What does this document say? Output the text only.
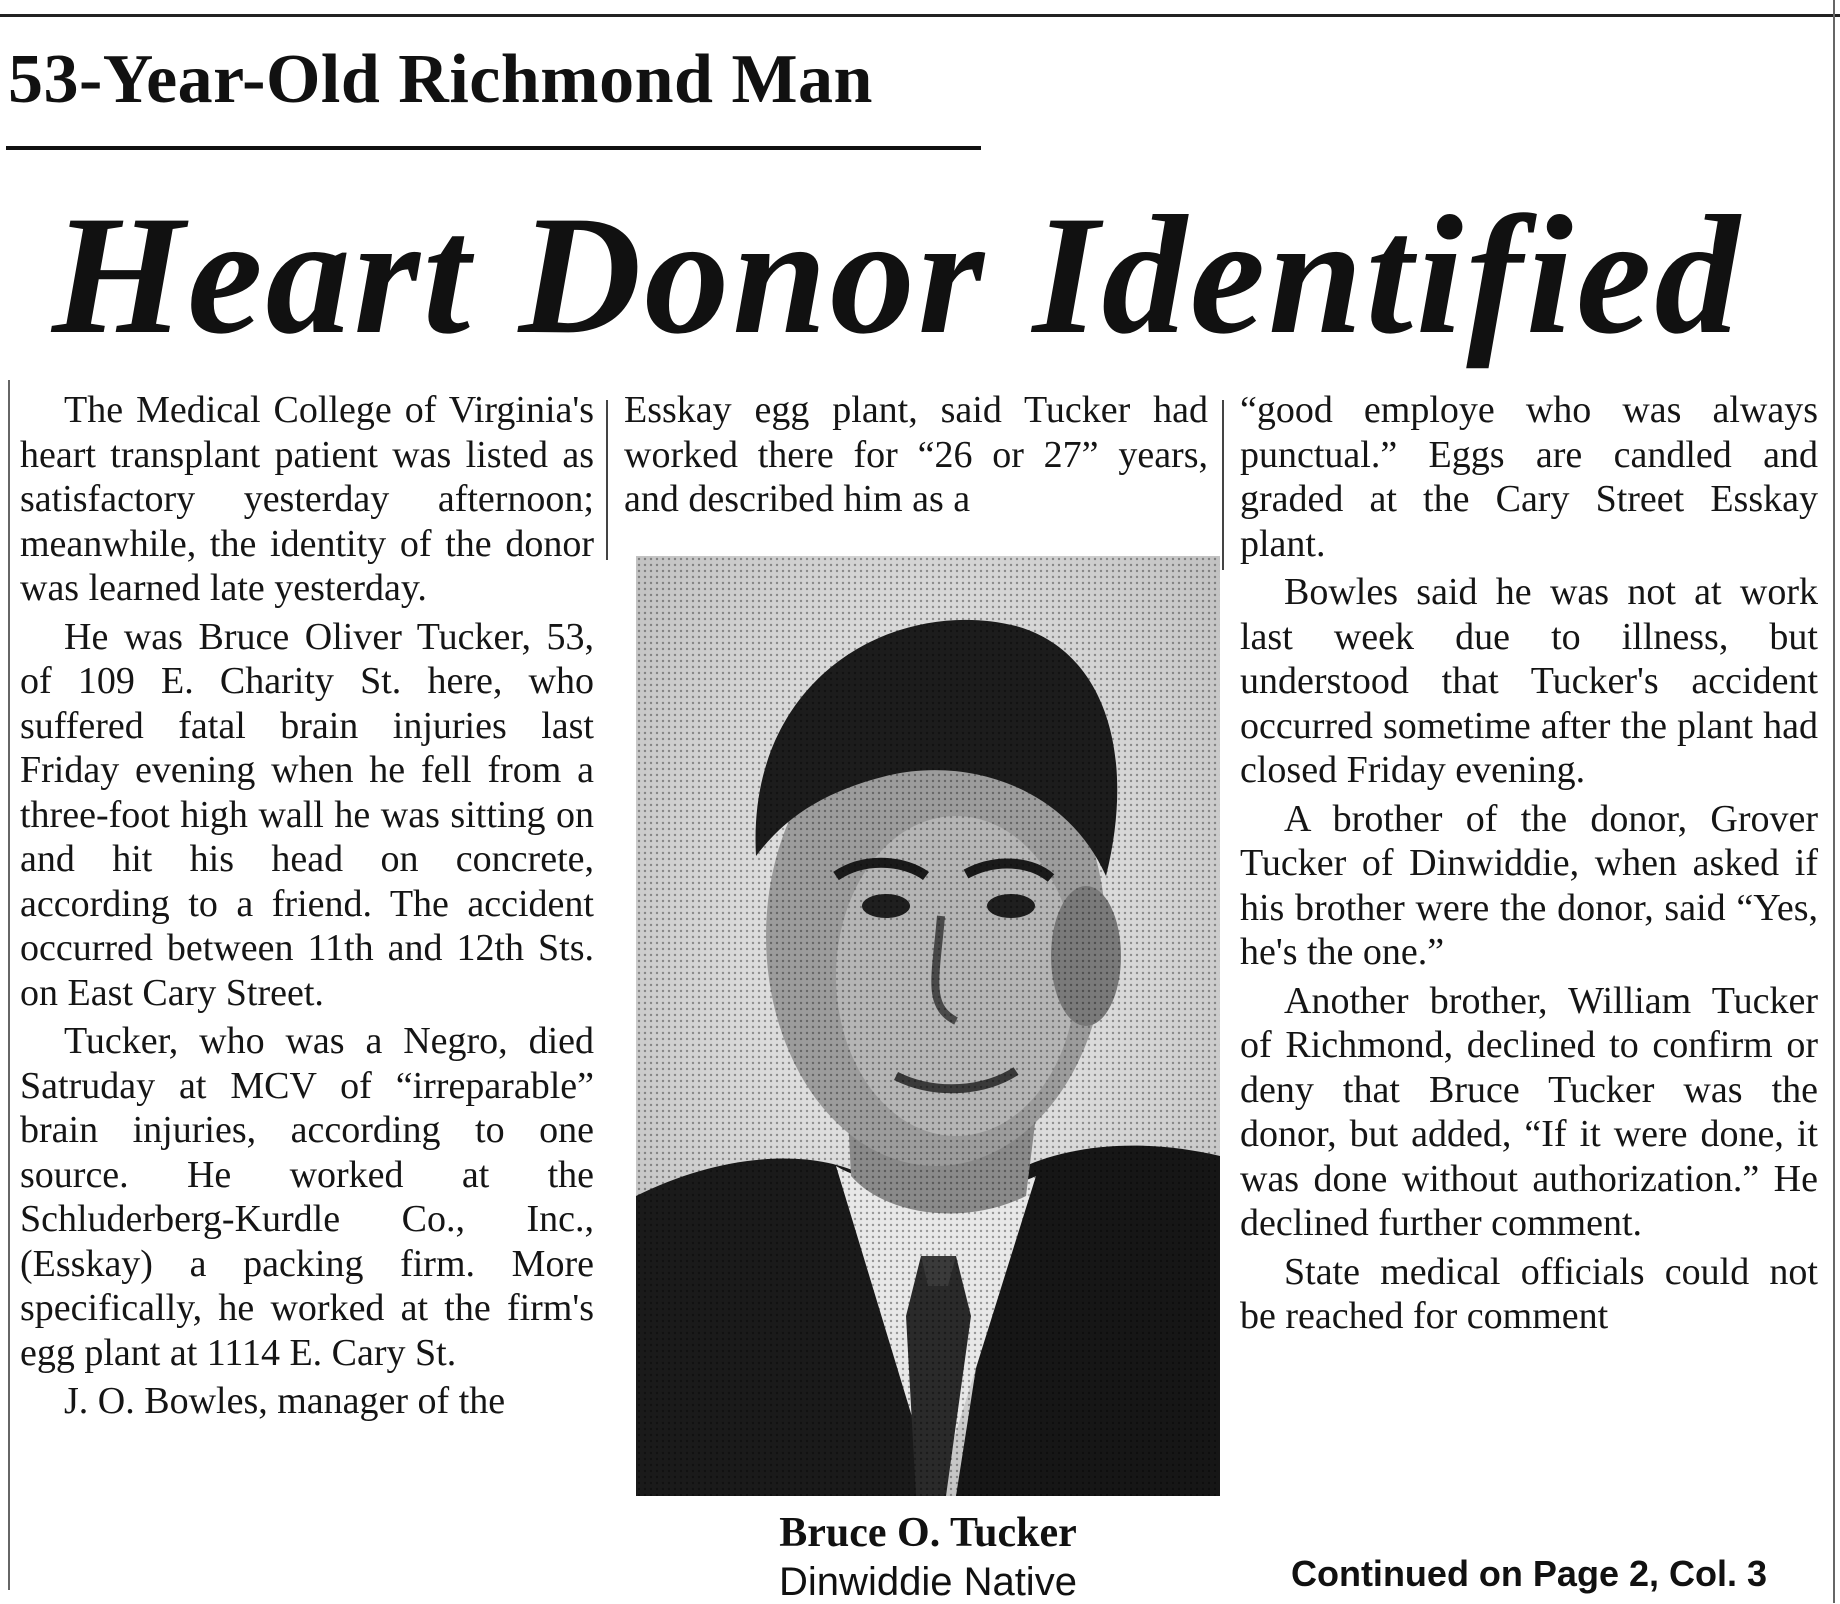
53-Year-Old Richmond Man
Heart Donor Identified

The Medical College of Virginia's heart transplant patient was listed as satisfactory yesterday afternoon; meanwhile, the identity of the donor was learned late yesterday.

He was Bruce Oliver Tucker, 53, of 109 E. Charity St. here, who suffered fatal brain injuries last Friday evening when he fell from a three-foot high wall he was sitting on and hit his head on concrete, according to a friend. The accident occurred between 11th and 12th Sts. on East Cary Street.

Tucker, who was a Negro, died Satruday at MCV of “irreparable” brain injuries, according to one source. He worked at the Schluderberg-Kurdle Co., Inc., (Esskay) a packing firm. More specifically, he worked at the firm's egg plant at 1114 E. Cary St.

J. O. Bowles, manager of the

Esskay egg plant, said Tucker had worked there for “26 or 27” years, and described him as a

Bruce O. Tucker
Dinwiddie Native

“good employe who was always punctual.” Eggs are candled and graded at the Cary Street Esskay plant.

Bowles said he was not at work last week due to illness, but understood that Tucker's accident occurred sometime after the plant had closed Friday evening.

A brother of the donor, Grover Tucker of Dinwiddie, when asked if his brother were the donor, said “Yes, he's the one.”

Another brother, William Tucker of Richmond, declined to confirm or deny that Bruce Tucker was the donor, but added, “If it were done, it was done without authorization.” He declined further comment.

State medical officials could not be reached for comment

Continued on Page 2, Col. 3
